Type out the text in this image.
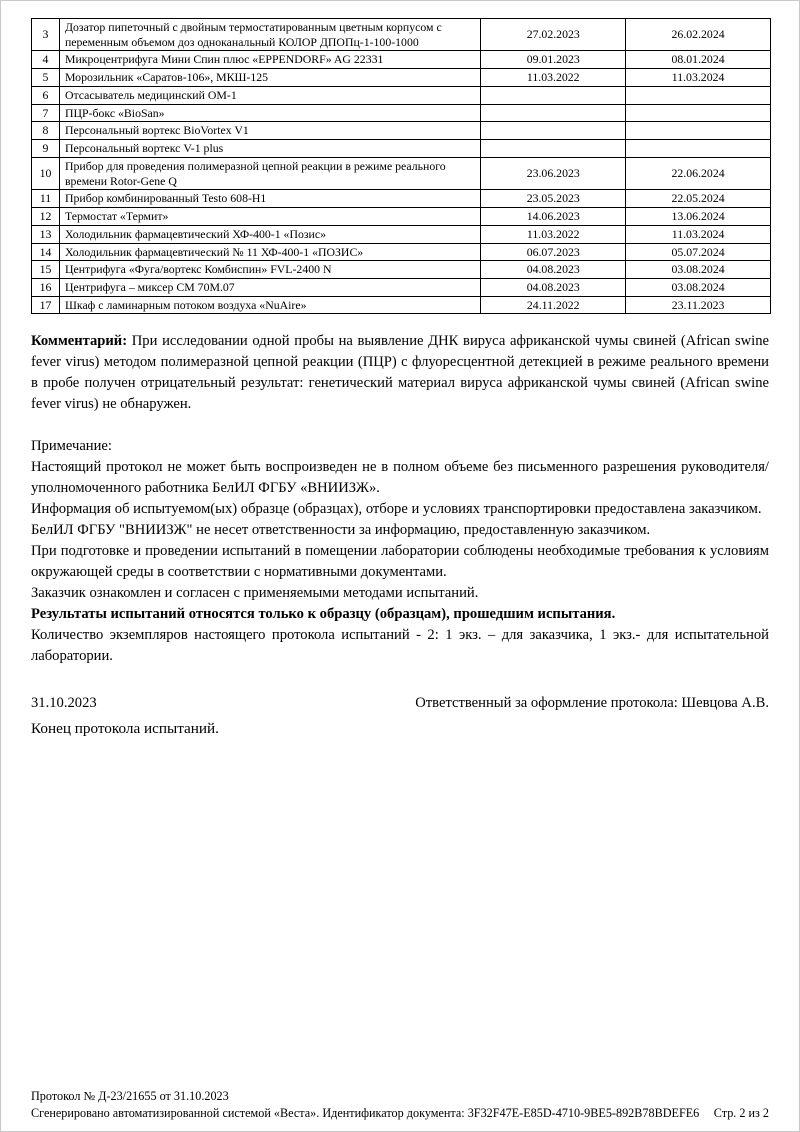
3	Дозатор пипеточный с двойным термостатированным цветным корпусом с переменным объемом доз одноканальный КОЛОР ДПОПц-1-100-1000	27.02.2023	26.02.2024
4	Микроцентрифуга Мини Спин плюс «EPPENDORF» AG 22331	09.01.2023	08.01.2024
5	Морозильник «Саратов-106», МКШ-125	11.03.2022	11.03.2024
6	Отсасыватель медицинский ОМ-1		
7	ПЦР-бокс «BioSan»		
8	Персональный вортекс BioVortex V1		
9	Персональный вортекс V-1 plus		
10	Прибор для проведения полимеразной цепной реакции в режиме реального времени Rotor-Gene Q	23.06.2023	22.06.2024
11	Прибор комбинированный Testo 608-Н1	23.05.2023	22.05.2024
12	Термостат «Термит»	14.06.2023	13.06.2024
13	Холодильник фармацевтический ХФ-400-1 «Позис»	11.03.2022	11.03.2024
14	Холодильник фармацевтический № 11 ХФ-400-1 «ПОЗИС»	06.07.2023	05.07.2024
15	Центрифуга «Фуга/вортекс Комбиспин» FVL-2400 N	04.08.2023	03.08.2024
16	Центрифуга – миксер СМ 70М.07	04.08.2023	03.08.2024
17	Шкаф с ламинарным потоком воздуха «NuAire»	24.11.2022	23.11.2023

Комментарий: При исследовании одной пробы на выявление ДНК вируса африканской чумы свиней (African swine fever virus) методом полимеразной цепной реакции (ПЦР) с флуоресцентной детекцией в режиме реального времени в пробе получен отрицательный результат: генетический материал вируса африканской чумы свиней (African swine fever virus) не обнаружен.

Примечание:

Настоящий протокол не может быть воспроизведен не в полном объеме без письменного разрешения руководителя/уполномоченного работника БелИЛ ФГБУ «ВНИИЗЖ».

Информация об испытуемом(ых) образце (образцах), отборе и условиях транспортировки предоставлена заказчиком.

БелИЛ ФГБУ "ВНИИЗЖ" не несет ответственности за информацию, предоставленную заказчиком.

При подготовке и проведении испытаний в помещении лаборатории соблюдены необходимые требования к условиям окружающей среды в соответствии с нормативными документами.

Заказчик ознакомлен и согласен с применяемыми методами испытаний.

Результаты испытаний относятся только к образцу (образцам), прошедшим испытания.

Количество экземпляров настоящего протокола испытаний - 2: 1 экз. – для заказчика, 1 экз.- для испытательной лаборатории.

31.10.2023	Ответственный за оформление протокола: Шевцова А.В.

Конец протокола испытаний.

Протокол № Д-23/21655 от 31.10.2023
Сгенерировано автоматизированной системой «Веста». Идентификатор документа: 3F32F47E-E85D-4710-9BE5-892B78BDEFE6 Стр. 2 из 2
